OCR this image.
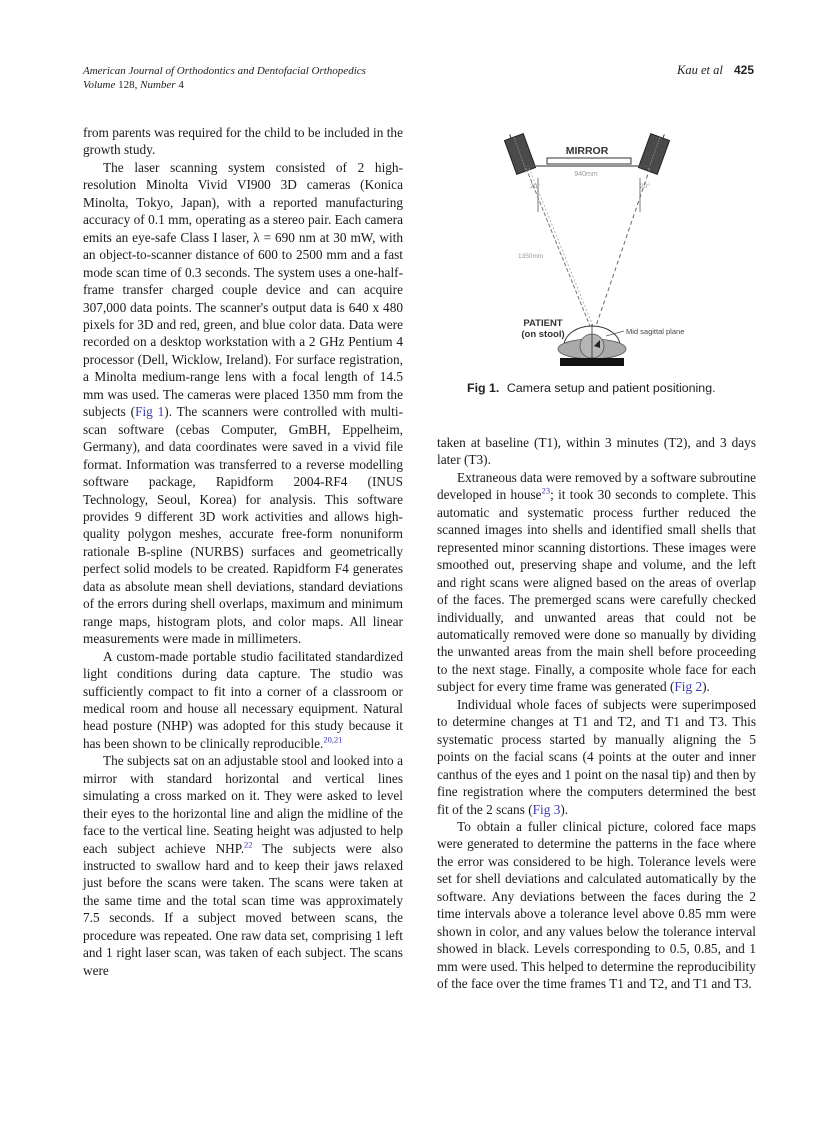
American Journal of Orthodontics and Dentofacial Orthopedics
Volume 128, Number 4
Kau et al 425

from parents was required for the child to be included in the growth study.

The laser scanning system consisted of 2 high-resolution Minolta Vivid VI900 3D cameras (Konica Minolta, Tokyo, Japan), with a reported manufacturing accuracy of 0.1 mm, operating as a stereo pair. Each camera emits an eye-safe Class I laser, λ = 690 nm at 30 mW, with an object-to-scanner distance of 600 to 2500 mm and a fast mode scan time of 0.3 seconds. The system uses a one-half-frame transfer charged couple device and can acquire 307,000 data points. The scanner's output data is 640 x 480 pixels for 3D and red, green, and blue color data. Data were recorded on a desktop workstation with a 2 GHz Pentium 4 processor (Dell, Wicklow, Ireland). For surface registration, a Minolta medium-range lens with a focal length of 14.5 mm was used. The cameras were placed 1350 mm from the subjects (Fig 1). The scanners were controlled with multi-scan software (cebas Computer, GmBH, Eppelheim, Germany), and data coordinates were saved in a vivid file format. Information was transferred to a reverse modelling software package, Rapidform 2004-RF4 (INUS Technology, Seoul, Korea) for analysis. This software provides 9 different 3D work activities and allows high-quality polygon meshes, accurate free-form nonuniform rationale B-spline (NURBS) surfaces and geometrically perfect solid models to be created. Rapidform F4 generates data as absolute mean shell deviations, standard deviations of the errors during shell overlaps, maximum and minimum range maps, histogram plots, and color maps. All linear measurements were made in millimeters.

A custom-made portable studio facilitated standardized light conditions during data capture. The studio was sufficiently compact to fit into a corner of a classroom or medical room and house all necessary equipment. Natural head posture (NHP) was adopted for this study because it has been shown to be clinically reproducible.$^{20,21}$

The subjects sat on an adjustable stool and looked into a mirror with standard horizontal and vertical lines simulating a cross marked on it. They were asked to level their eyes to the horizontal line and align the midline of the face to the vertical line. Seating height was adjusted to help each subject achieve NHP.$^{22}$ The subjects were also instructed to swallow hard and to keep their jaws relaxed just before the scans were taken. The scans were taken at the same time and the total scan time was approximately 7.5 seconds. If a subject moved between scans, the procedure was repeated. One raw data set, comprising 1 left and 1 right laser scan, was taken of each subject. The scans were

MIRROR
940mm
20°	20°
1350mm
PATIENT
(on stool)	Mid sagittal plane
Fig 1. Camera setup and patient positioning.

taken at baseline (T1), within 3 minutes (T2), and 3 days later (T3).

Extraneous data were removed by a software subroutine developed in house$^{23}$; it took 30 seconds to complete. This automatic and systematic process further reduced the scanned images into shells and identified small shells that represented minor scanning distortions. These images were smoothed out, preserving shape and volume, and the left and right scans were aligned based on the areas of overlap of the faces. The premerged scans were carefully checked individually, and unwanted areas that could not be automatically removed were done so manually by dividing the unwanted areas from the main shell before proceeding to the next stage. Finally, a composite whole face for each subject for every time frame was generated (Fig 2).

Individual whole faces of subjects were superimposed to determine changes at T1 and T2, and T1 and T3. This systematic process started by manually aligning the 5 points on the facial scans (4 points at the outer and inner canthus of the eyes and 1 point on the nasal tip) and then by fine registration where the computers determined the best fit of the 2 scans (Fig 3).

To obtain a fuller clinical picture, colored face maps were generated to determine the patterns in the face where the error was considered to be high. Tolerance levels were set for shell deviations and calculated automatically by the software. Any deviations between the faces during the 2 time intervals above a tolerance level above 0.85 mm were shown in color, and any values below the tolerance interval showed in black. Levels corresponding to 0.5, 0.85, and 1 mm were used. This helped to determine the reproducibility of the face over the time frames T1 and T2, and T1 and T3.
